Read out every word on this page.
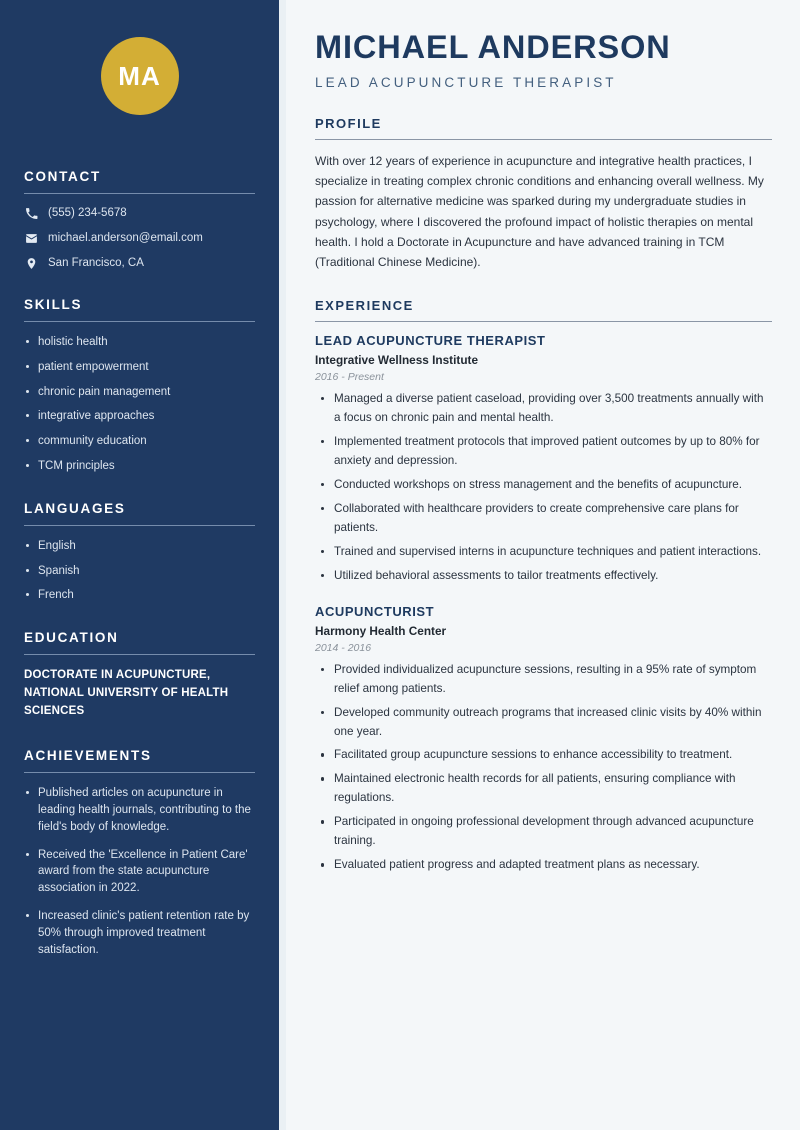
MA
CONTACT
(555) 234-5678
michael.anderson@email.com
San Francisco, CA
SKILLS
holistic health
patient empowerment
chronic pain management
integrative approaches
community education
TCM principles
LANGUAGES
English
Spanish
French
EDUCATION
DOCTORATE IN ACUPUNCTURE, NATIONAL UNIVERSITY OF HEALTH SCIENCES
ACHIEVEMENTS
Published articles on acupuncture in leading health journals, contributing to the field's body of knowledge.
Received the 'Excellence in Patient Care' award from the state acupuncture association in 2022.
Increased clinic's patient retention rate by 50% through improved treatment satisfaction.
MICHAEL ANDERSON
LEAD ACUPUNCTURE THERAPIST
PROFILE

With over 12 years of experience in acupuncture and integrative health practices, I specialize in treating complex chronic conditions and enhancing overall wellness. My passion for alternative medicine was sparked during my undergraduate studies in psychology, where I discovered the profound impact of holistic therapies on mental health. I hold a Doctorate in Acupuncture and have advanced training in TCM (Traditional Chinese Medicine).

EXPERIENCE
LEAD ACUPUNCTURE THERAPIST
Integrative Wellness Institute
2016 - Present
Managed a diverse patient caseload, providing over 3,500 treatments annually with a focus on chronic pain and mental health.
Implemented treatment protocols that improved patient outcomes by up to 80% for anxiety and depression.
Conducted workshops on stress management and the benefits of acupuncture.
Collaborated with healthcare providers to create comprehensive care plans for patients.
Trained and supervised interns in acupuncture techniques and patient interactions.
Utilized behavioral assessments to tailor treatments effectively.
ACUPUNCTURIST
Harmony Health Center
2014 - 2016
Provided individualized acupuncture sessions, resulting in a 95% rate of symptom relief among patients.
Developed community outreach programs that increased clinic visits by 40% within one year.
Facilitated group acupuncture sessions to enhance accessibility to treatment.
Maintained electronic health records for all patients, ensuring compliance with regulations.
Participated in ongoing professional development through advanced acupuncture training.
Evaluated patient progress and adapted treatment plans as necessary.
